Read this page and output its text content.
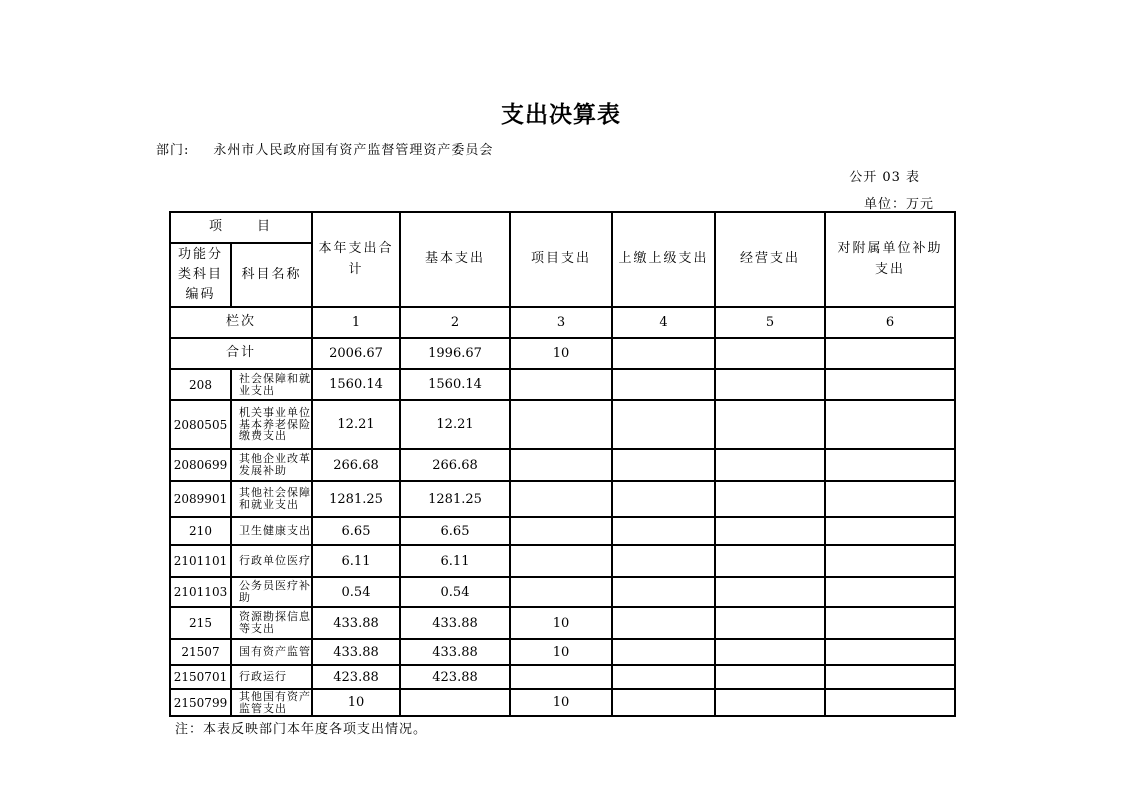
支出决算表
部门: 永州市人民政府国有资产监督管理资产委员会
公开 03 表
单位：万元
项　　目		本年支出合计	基本支出	项目支出	上缴上级支出	经营支出	对附属单位补助支出
功能分类科目编码	科目名称						
栏次		1	2	3	4	5	6
合计		2006.67	1996.67	10			
208	社会保障和就业支出	1560.14	1560.14				
2080505	机关事业单位基本养老保险缴费支出	12.21	12.21				
2080699	其他企业改革发展补助	266.68	266.68				
2089901	其他社会保障和就业支出	1281.25	1281.25				
210	卫生健康支出	6.65	6.65				
2101101	行政单位医疗	6.11	6.11				
2101103	公务员医疗补助	0.54	0.54				
215	资源勘探信息等支出	433.88	433.88	10			
21507	国有资产监管	433.88	433.88	10			
2150701	行政运行	423.88	423.88				
2150799	其他国有资产监管支出	10		10			
注：本表反映部门本年度各项支出情况。
